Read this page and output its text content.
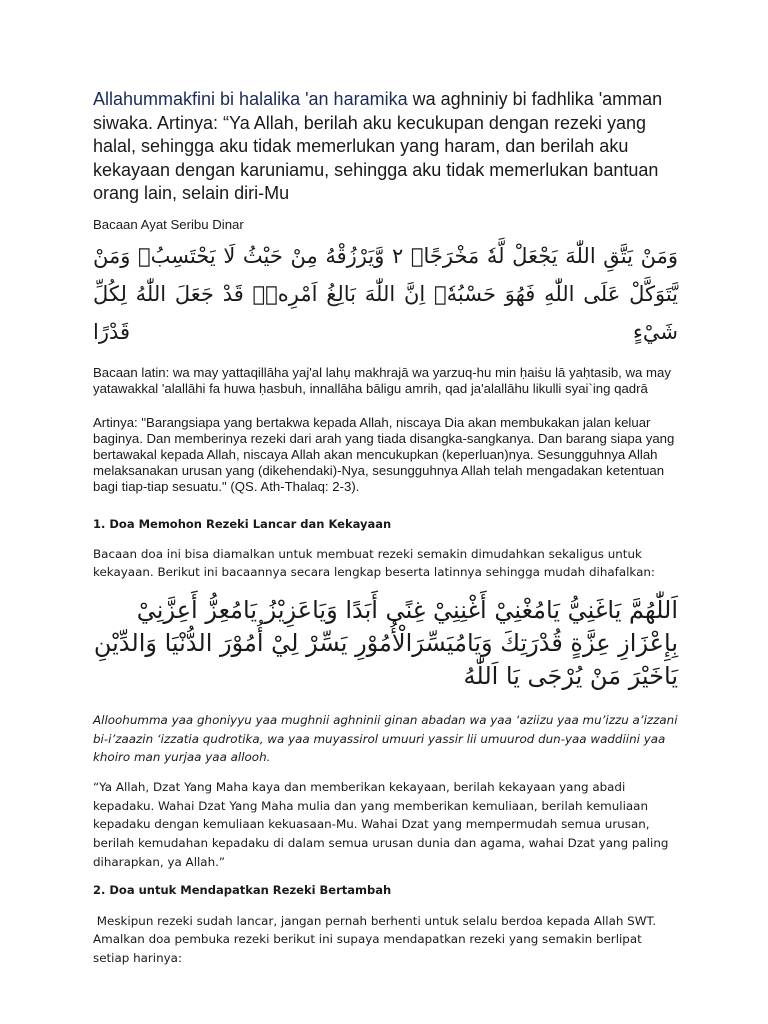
Allahummakfini bi halalika 'an haramika wa aghniniy bi fadhlika 'amman siwaka. Artinya: “Ya Allah, berilah aku kecukupan dengan rezeki yang halal, sehingga aku tidak memerlukan yang haram, dan berilah aku kekayaan dengan karuniamu, sehingga aku tidak memerlukan bantuan orang lain, selain diri-Mu

Bacaan Ayat Seribu Dinar

وَمَنْ يَتَّقِ اللّٰهَ يَجْعَلْ لَّهٗ مَخْرَجًاۙ ٢ وَّيَرْزُقْهُ مِنْ حَيْثُ لَا يَحْتَسِبُۗ وَمَنْ يَّتَوَكَّلْ عَلَى اللّٰهِ فَهُوَ حَسْبُهٗۗ اِنَّ اللّٰهَ بَالِغُ اَمْرِهٖۗ قَدْ جَعَلَ اللّٰهُ لِكُلِّ شَيْءٍ قَدْرًا

Bacaan latin: wa may yattaqillāha yaj'al lahụ makhrajā wa yarzuq-hu min ḥaiṡu lā yaḥtasib, wa may yatawakkal 'alallāhi fa huwa ḥasbuh, innallāha bāligu amrih, qad ja'alallāhu likulli syai`ing qadrā

Artinya: "Barangsiapa yang bertakwa kepada Allah, niscaya Dia akan membukakan jalan keluar baginya. Dan memberinya rezeki dari arah yang tiada disangka-sangkanya. Dan barang siapa yang bertawakal kepada Allah, niscaya Allah akan mencukupkan (keperluan)nya. Sesungguhnya Allah melaksanakan urusan yang (dikehendaki)-Nya, sesungguhnya Allah telah mengadakan ketentuan bagi tiap-tiap sesuatu." (QS. Ath-Thalaq: 2-3).

1. Doa Memohon Rezeki Lancar dan Kekayaan

Bacaan doa ini bisa diamalkan untuk membuat rezeki semakin dimudahkan sekaligus untuk kekayaan. Berikut ini bacaannya secara lengkap beserta latinnya sehingga mudah dihafalkan:

اَللّٰهُمَّ يَاغَنِيُّ يَامُغْنِيْ أَغْنِنِيْ غِنًى أَبَدًا وَيَاعَزِيْزُ يَامُعِزُّ أَعِزَّنِيْ بِإِعْزَازِ عِزَّةٍ قُدْرَتِكَ وَيَامُيَسِّرَالْأُمُوْرِ يَسِّرْ لِيْ أُمُوْرَ الدُّنْيَا وَالدِّيْنِ يَاخَيْرَ مَنْ يُرْجَى يَا اَللّٰهُ

Alloohumma yaa ghoniyyu yaa mughnii aghninii ginan abadan wa yaa ‘aziizu yaa mu’izzu a’izzani bi-i’zaazin ‘izzatia qudrotika, wa yaa muyassirol umuuri yassir lii umuurod dun-yaa waddiini yaa khoiro man yurjaa yaa allooh.

“Ya Allah, Dzat Yang Maha kaya dan memberikan kekayaan, berilah kekayaan yang abadi kepadaku. Wahai Dzat Yang Maha mulia dan yang memberikan kemuliaan, berilah kemuliaan kepadaku dengan kemuliaan kekuasaan-Mu. Wahai Dzat yang mempermudah semua urusan, berilah kemudahan kepadaku di dalam semua urusan dunia dan agama, wahai Dzat yang paling diharapkan, ya Allah.”

2. Doa untuk Mendapatkan Rezeki Bertambah

Meskipun rezeki sudah lancar, jangan pernah berhenti untuk selalu berdoa kepada Allah SWT. Amalkan doa pembuka rezeki berikut ini supaya mendapatkan rezeki yang semakin berlipat setiap harinya:
